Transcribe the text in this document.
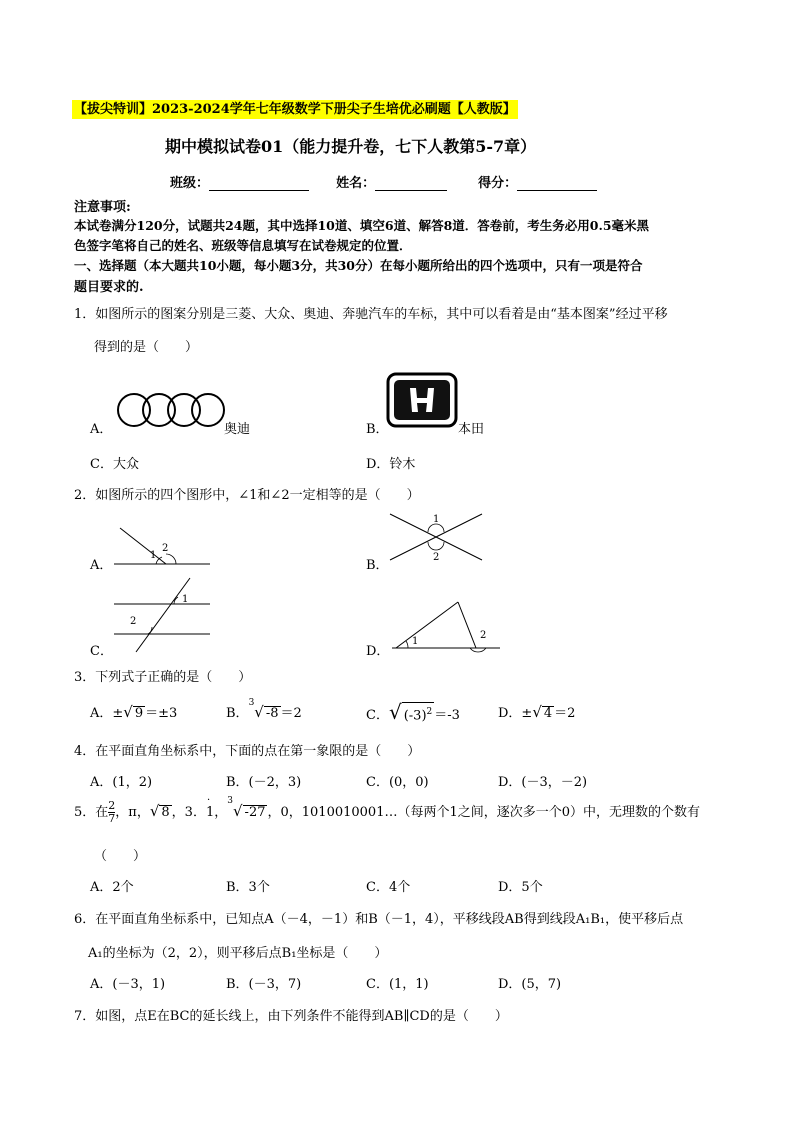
【拔尖特训】2023-2024学年七年级数学下册尖子生培优必刷题【人教版】
期中模拟试卷01（能力提升卷，七下人教第5-7章）
班级：	姓名：	得分：
注意事项:
本试卷满分120分，试题共24题，其中选择10道、填空6道、解答8道．答卷前，考生务必用0.5毫米黑
色签字笔将自己的姓名、班级等信息填写在试卷规定的位置．
一、选择题（本大题共10小题，每小题3分，共30分）在每小题所给出的四个选项中，只有一项是符合
题目要求的.
1．如图所示的图案分别是三菱、大众、奥迪、奔驰汽车的车标，其中可以看着是由“基本图案”经过平移
得到的是（　　）
A．	奥迪	B．	本田
C．大众	D．铃木
2．如图所示的四个图形中，∠1和∠2一定相等的是（　　）
A．
1
2
B．
1
2
C．
1
2
D．
1
2
3．下列式子正确的是（　　）
A．±√ 9 ＝±3	B．$^3$√ -8 ＝2	C．√ $(-3)^2 =-3$	D．±√ 4 ＝2
4．在平面直角坐标系中，下面的点在第一象限的是（　　）
A．(1，2)	B．(－2，3)	C．(0，0)	D．(－3，－2)
5．在 $\frac{2}{7}$ ，π，√ 8 ，3．
·
1，$^3$√ -27 ，0，1010010001…（每两个1之间，逐次多一个0）中，无理数的个数有
（　　）
A．2个	B．3个	C．4个	D．5个
6．在平面直角坐标系中，已知点A（－4，－1）和B（－1，4），平移线段AB得到线段A₁B₁，使平移后点
A₁的坐标为（2，2），则平移后点B₁坐标是（　　）
A．(－3，1)	B．(－3，7)	C．(1，1)	D．(5，7)
7．如图，点E在BC的延长线上，由下列条件不能得到AB∥CD的是（　　）
